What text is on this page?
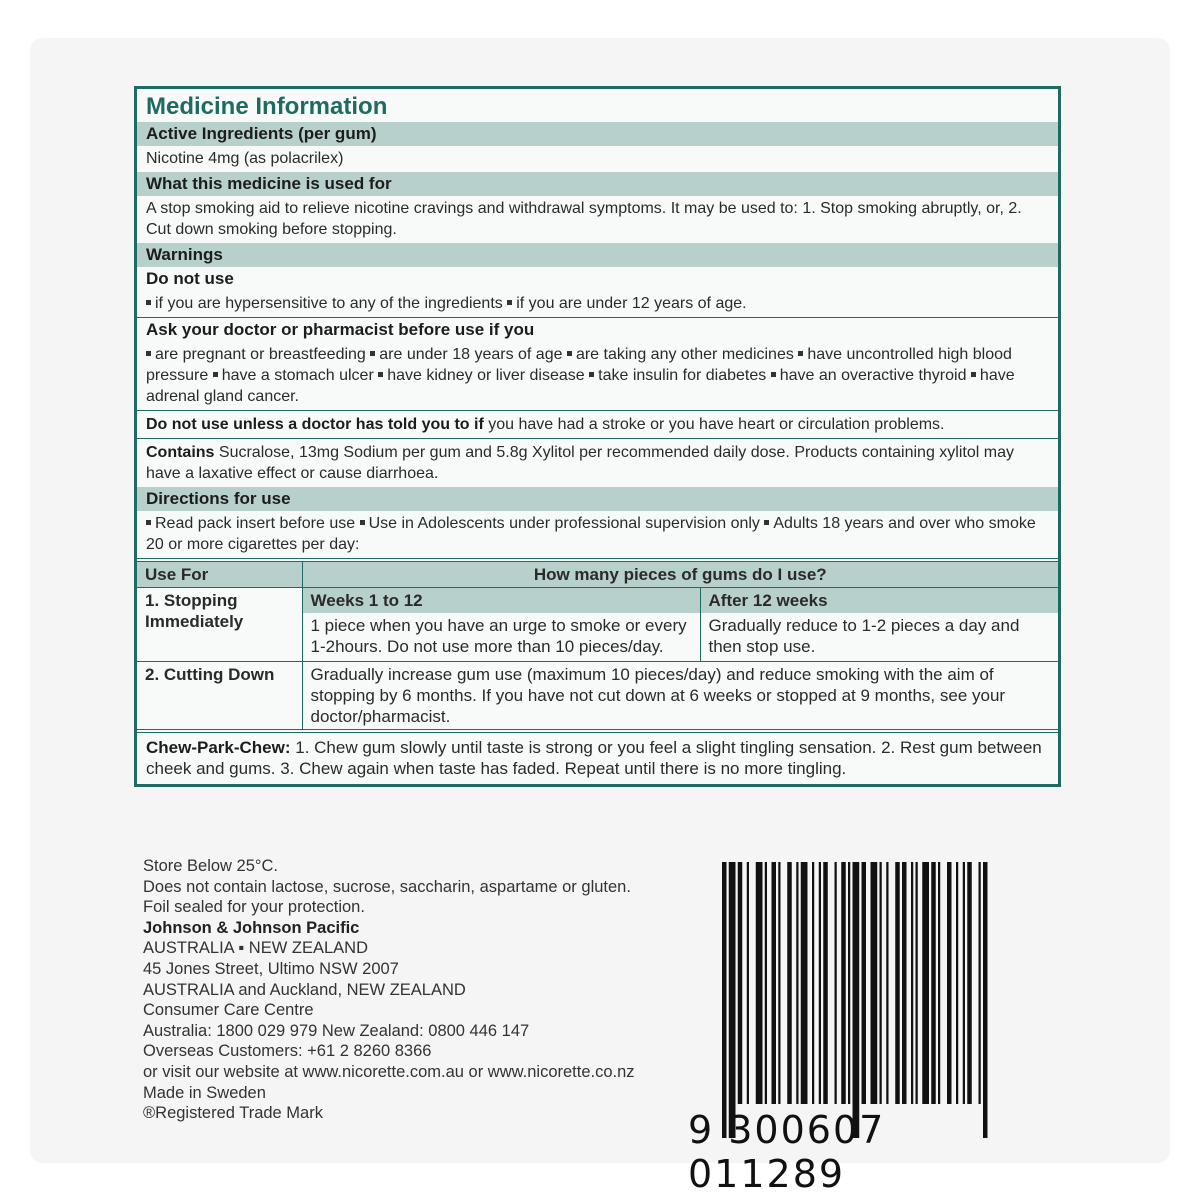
Medicine Information
Active Ingredients (per gum)
Nicotine 4mg (as polacrilex)
What this medicine is used for
A stop smoking aid to relieve nicotine cravings and withdrawal symptoms. It may be used to: 1. Stop smoking abruptly, or, 2. Cut down smoking before stopping.
Warnings
Do not use
if you are hypersensitive to any of the ingredients if you are under 12 years of age.
Ask your doctor or pharmacist before use if you
are pregnant or breastfeeding are under 18 years of age are taking any other medicines have uncontrolled high blood pressure have a stomach ulcer have kidney or liver disease take insulin for diabetes have an overactive thyroid have adrenal gland cancer.
Do not use unless a doctor has told you to if you have had a stroke or you have heart or circulation problems.
Contains Sucralose, 13mg Sodium per gum and 5.8g Xylitol per recommended daily dose. Products containing xylitol may have a laxative effect or cause diarrhoea.
Directions for use
Read pack insert before use Use in Adolescents under professional supervision only Adults 18 years and over who smoke 20 or more cigarettes per day:
Use For	How many pieces of gums do I use?	
1. Stopping Immediately	Weeks 1 to 12	After 12 weeks
	1 piece when you have an urge to smoke or every 1-2hours. Do not use more than 10 pieces/day.	Gradually reduce to 1-2 pieces a day and then stop use.
2. Cutting Down	Gradually increase gum use (maximum 10 pieces/day) and reduce smoking with the aim of stopping by 6 months. If you have not cut down at 6 weeks or stopped at 9 months, see your doctor/pharmacist.	
Chew-Park-Chew: 1. Chew gum slowly until taste is strong or you feel a slight tingling sensation. 2. Rest gum between cheek and gums. 3. Chew again when taste has faded. Repeat until there is no more tingling.
Store Below 25°C.
Does not contain lactose, sucrose, saccharin, aspartame or gluten.
Foil sealed for your protection.
Johnson & Johnson Pacific
AUSTRALIA ▪ NEW ZEALAND
45 Jones Street, Ultimo NSW 2007
AUSTRALIA and Auckland, NEW ZEALAND
Consumer Care Centre
Australia: 1800 029 979 New Zealand: 0800 446 147
Overseas Customers: +61 2 8260 8366
or visit our website at www.nicorette.com.au or www.nicorette.co.nz
Made in Sweden
®Registered Trade Mark	9 300607 011289
